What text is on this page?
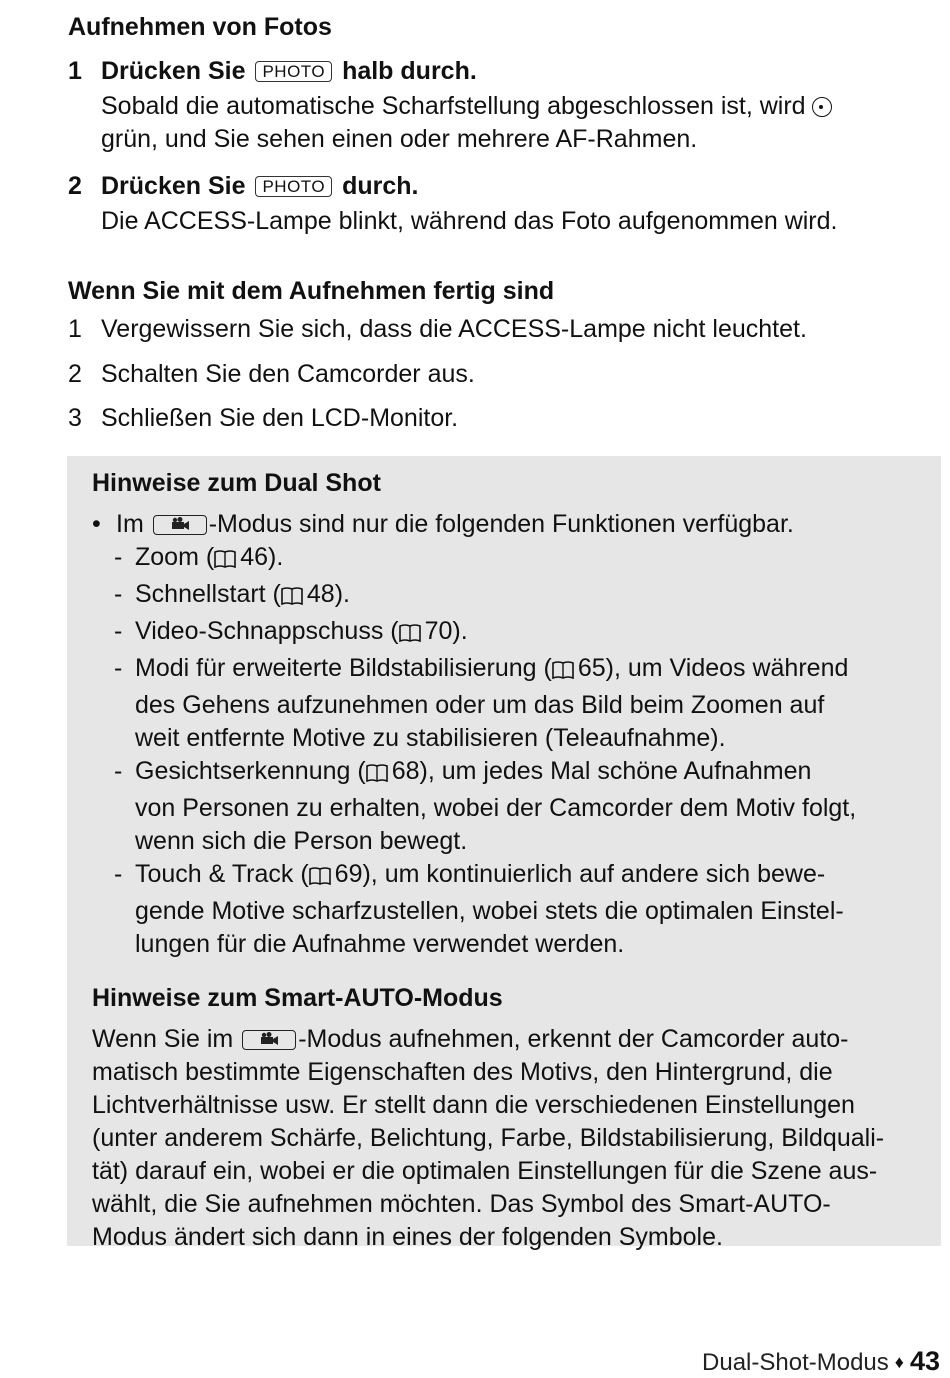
Aufnehmen von Fotos
1 Drücken Sie PHOTO halb durch.
Sobald die automatische Scharfstellung abgeschlossen ist, wird
grün, und Sie sehen einen oder mehrere AF-Rahmen.
2 Drücken Sie PHOTO durch.
Die ACCESS-Lampe blinkt, während das Foto aufgenommen wird.
Wenn Sie mit dem Aufnehmen fertig sind
1 Vergewissern Sie sich, dass die ACCESS-Lampe nicht leuchtet.
2 Schalten Sie den Camcorder aus.
3 Schließen Sie den LCD-Monitor.
Hinweise zum Dual Shot
• Im	-Modus sind nur die folgenden Funktionen verfügbar.
- Zoom ( 46).
- Schnellstart ( 48).
- Video-Schnappschuss ( 70).
- Modi für erweiterte Bildstabilisierung ( 65), um Videos während
des Gehens aufzunehmen oder um das Bild beim Zoomen auf
weit entfernte Motive zu stabilisieren (Teleaufnahme).
- Gesichtserkennung ( 68), um jedes Mal schöne Aufnahmen
von Personen zu erhalten, wobei der Camcorder dem Motiv folgt,
wenn sich die Person bewegt.
- Touch & Track ( 69), um kontinuierlich auf andere sich bewe-
gende Motive scharfzustellen, wobei stets die optimalen Einstel-
lungen für die Aufnahme verwendet werden.
Hinweise zum Smart-AUTO-Modus
Wenn Sie im	-Modus aufnehmen, erkennt der Camcorder auto-
matisch bestimmte Eigenschaften des Motivs, den Hintergrund, die
Lichtverhältnisse usw. Er stellt dann die verschiedenen Einstellungen
(unter anderem Schärfe, Belichtung, Farbe, Bildstabilisierung, Bildquali-
tät) darauf ein, wobei er die optimalen Einstellungen für die Szene aus-
wählt, die Sie aufnehmen möchten. Das Symbol des Smart-AUTO-
Modus ändert sich dann in eines der folgenden Symbole.
Dual-Shot-Modus ♦ 43
